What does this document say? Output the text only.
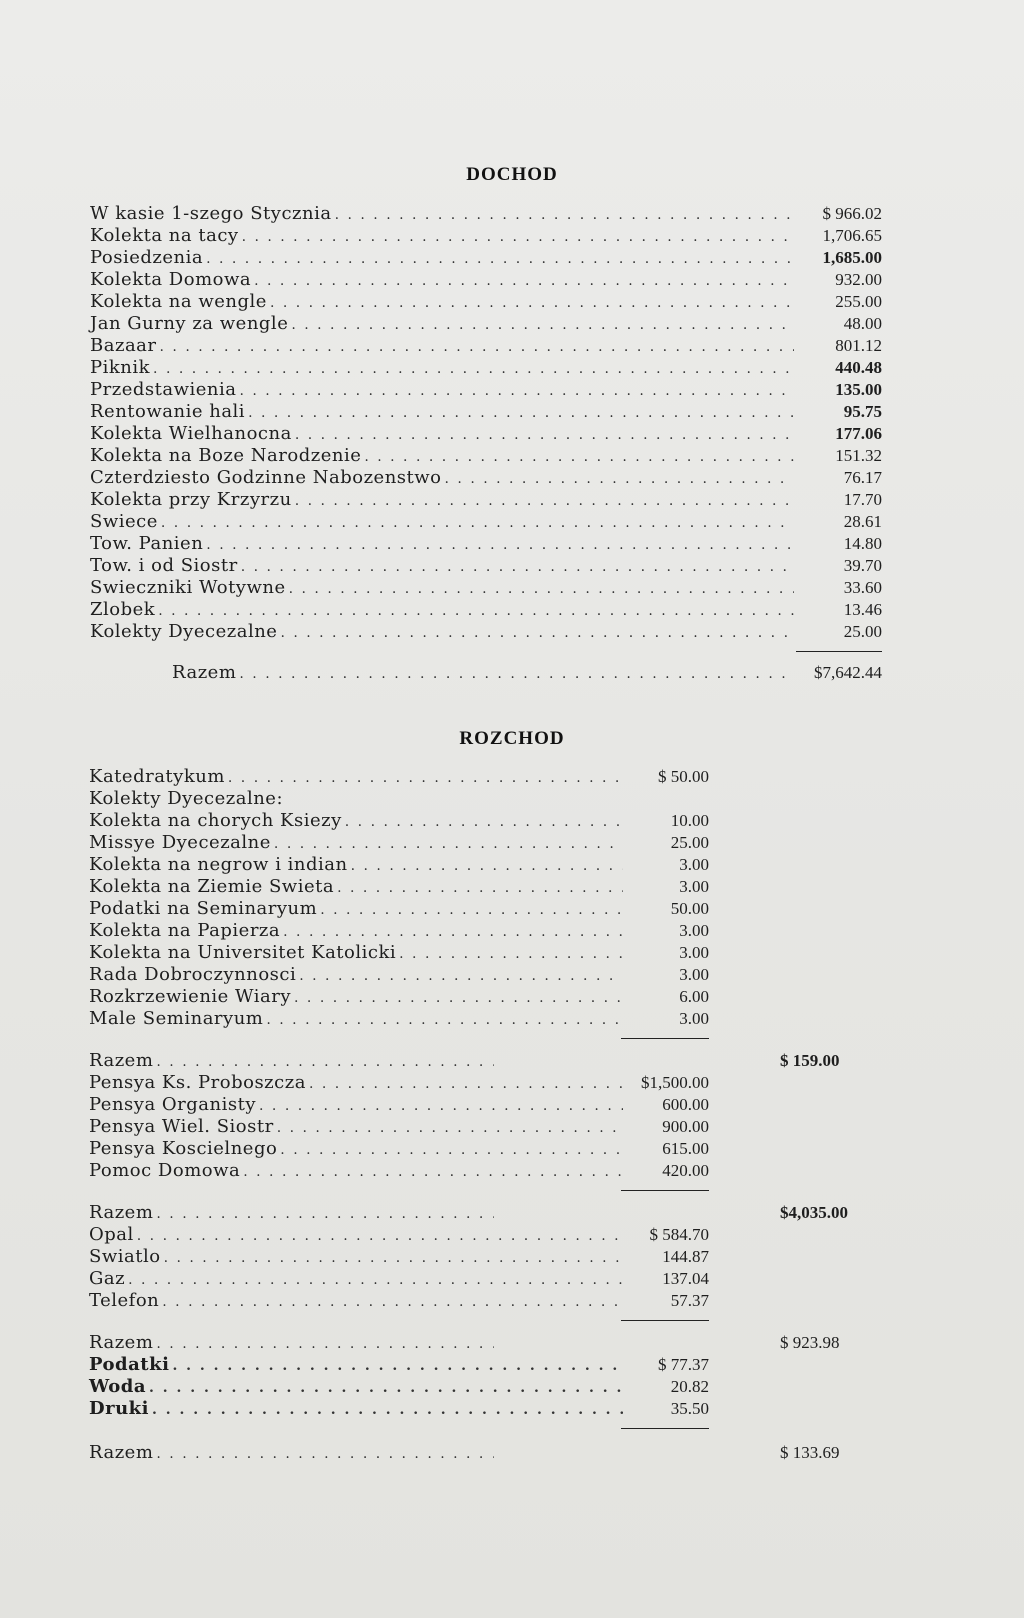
DOCHOD
W kasie 1-szego Stycznia . . .	$ 966.02
Kolekta na tacy . . .	1,706.65
Posiedzenia . . .	1,685.00
Kolekta Domowa . . .	932.00
Kolekta na wengle . . .	255.00
Jan Gurny za wengle . . .	48.00
Bazaar . . .	801.12
Piknik . . .	440.48
Przedstawienia . . .	135.00
Rentowanie hali . . .	95.75
Kolekta Wielhanocna . . .	177.06
Kolekta na Boze Narodzenie . . .	151.32
Czterdziesto Godzinne Nabozenstwo . . .	76.17
Kolekta przy Krzyrzu . . .	17.70
Swiece . . .	28.61
Tow. Panien . . .	14.80
Tow. i od Siostr . . .	39.70
Swieczniki Wotywne . . .	33.60
Zlobek . . .	13.46
Kolekty Dyecezalne . . .	25.00
Razem . . .	$7,642.44
ROZCHOD
Katedratykum . . .	$ 50.00
Kolekty Dyecezalne:
Kolekta na chorych Ksiezy . . .	10.00
Missye Dyecezalne . . .	25.00
Kolekta na negrow i indian . . .	3.00
Kolekta na Ziemie Swieta . . .	3.00
Podatki na Seminaryum . . .	50.00
Kolekta na Papierza . . .	3.00
Kolekta na Universitet Katolicki . . .	3.00
Rada Dobroczynnosci . . .	3.00
Rozkrzewienie Wiary . . .	6.00
Male Seminaryum . . .	3.00
Razem . . .	$ 159.00
Pensya Ks. Proboszcza . . .	$1,500.00
Pensya Organisty . . .	600.00
Pensya Wiel. Siostr . . .	900.00
Pensya Koscielnego . . .	615.00
Pomoc Domowa . . .	420.00
Razem . . .	$4,035.00
Opal . . .	$ 584.70
Swiatlo . . .	144.87
Gaz . . .	137.04
Telefon . . .	57.37
Razem . . .	$ 923.98
Podatki . . .	$ 77.37
Woda . . .	20.82
Druki . . .	35.50
Razem . . .	$ 133.69
